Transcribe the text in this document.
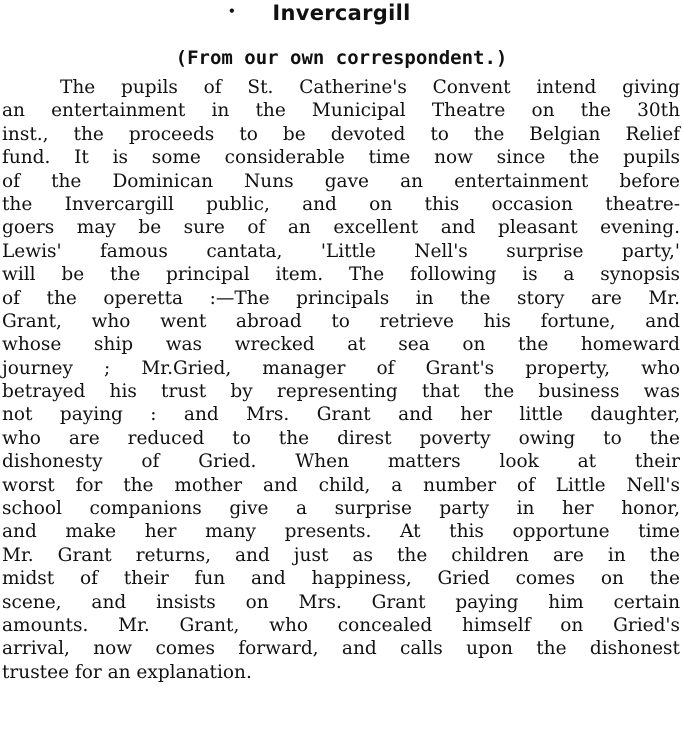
•	Invercargill
(From our own correspondent.)
The pupils of St. Catherine's Convent intend giving
an entertainment in the Municipal Theatre on the 30th
inst., the proceeds to be devoted to the Belgian Relief
fund. It is some considerable time now since the pupils
of the Dominican Nuns gave an entertainment before
the Invercargill public, and on this occasion theatre-
goers may be sure of an excellent and pleasant evening.
Lewis' famous cantata, 'Little Nell's surprise party,'
will be the principal item. The following is a synopsis
of the operetta :—The principals in the story are Mr.
Grant, who went abroad to retrieve his fortune, and
whose ship was wrecked at sea on the homeward
journey ; Mr.Gried, manager of Grant's property, who
betrayed his trust by representing that the business was
not paying : and Mrs. Grant and her little daughter,
who are reduced to the direst poverty owing to the
dishonesty of Gried. When matters look at their
worst for the mother and child, a number of Little Nell's
school companions give a surprise party in her honor,
and make her many presents. At this opportune time
Mr. Grant returns, and just as the children are in the
midst of their fun and happiness, Gried comes on the
scene, and insists on Mrs. Grant paying him certain
amounts. Mr. Grant, who concealed himself on Gried's
arrival, now comes forward, and calls upon the dishonest
trustee for an explanation.
